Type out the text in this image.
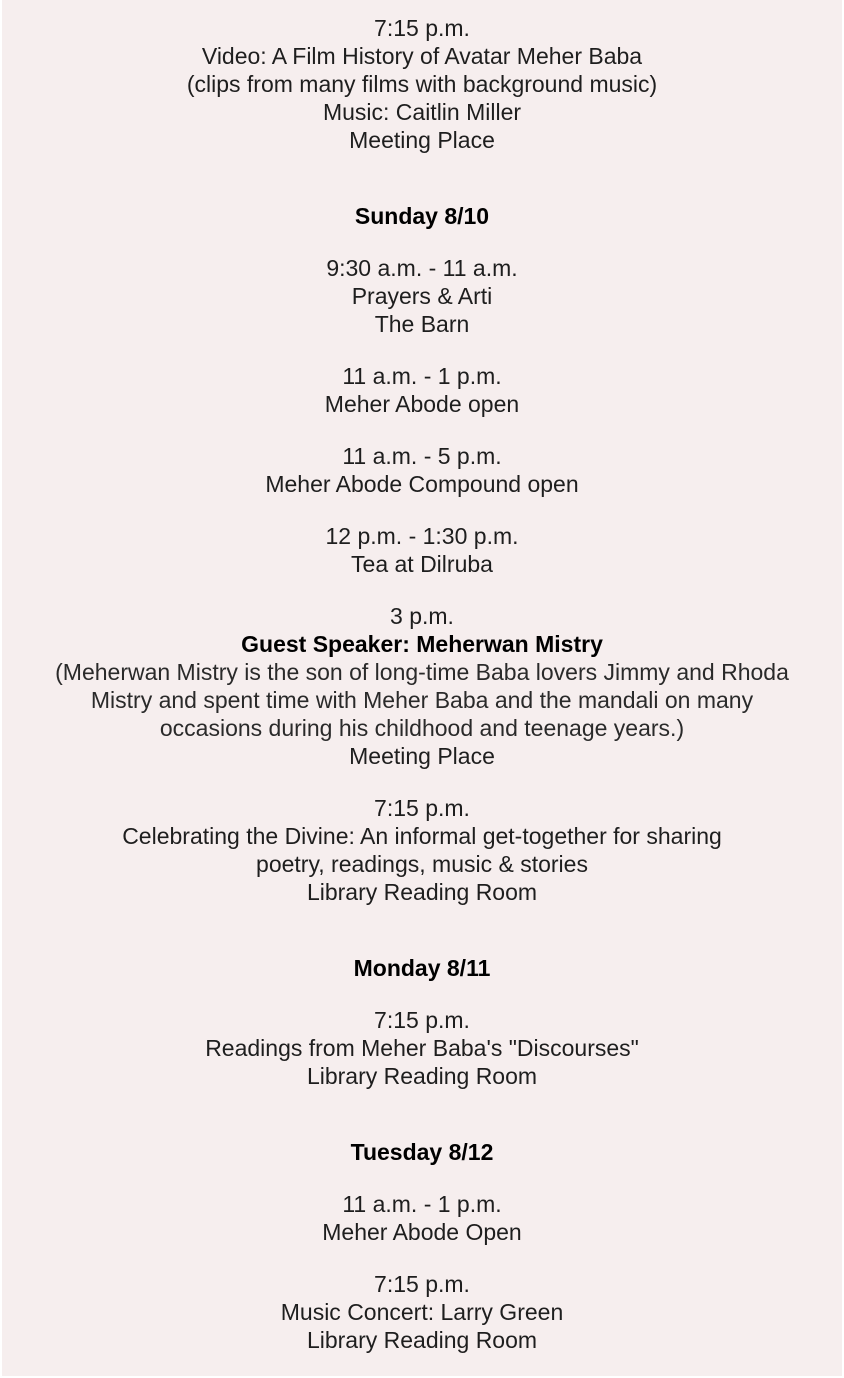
7:15 p.m.
Video: A Film History of Avatar Meher Baba
(clips from many films with background music)
Music: Caitlin Miller
Meeting Place
Sunday 8/10
9:30 a.m. - 11 a.m.
Prayers & Arti
The Barn
11 a.m. - 1 p.m.
Meher Abode open
11 a.m. - 5 p.m.
Meher Abode Compound open
12 p.m. - 1:30 p.m.
Tea at Dilruba
3 p.m.
Guest Speaker: Meherwan Mistry
(Meherwan Mistry is the son of long-time Baba lovers Jimmy and Rhoda
Mistry and spent time with Meher Baba and the mandali on many
occasions during his childhood and teenage years.)
Meeting Place
7:15 p.m.
Celebrating the Divine: An informal get-together for sharing
poetry, readings, music & stories
Library Reading Room
Monday 8/11
7:15 p.m.
Readings from Meher Baba's "Discourses"
Library Reading Room
Tuesday 8/12
11 a.m. - 1 p.m.
Meher Abode Open
7:15 p.m.
Music Concert: Larry Green
Library Reading Room
